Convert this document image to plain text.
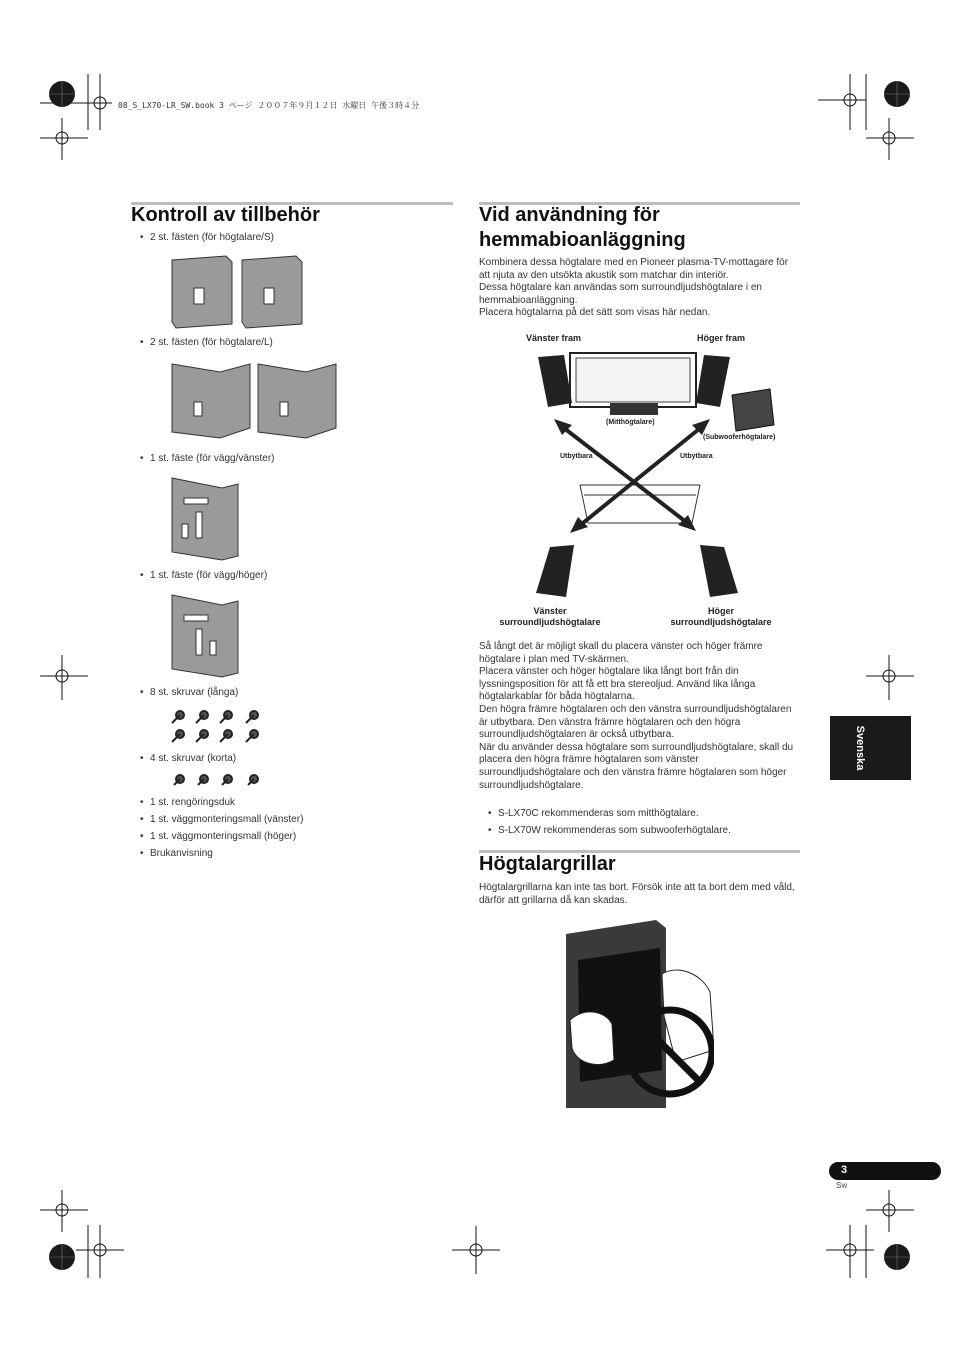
08_S_LX70-LR_SW.book 3 ページ ２００７年９月１２日 水曜日 午後３時４分
Kontroll av tillbehör
• 2 st. fästen (för högtalare/S)
• 2 st. fästen (för högtalare/L)
• 1 st. fäste (för vägg/vänster)
• 1 st. fäste (för vägg/höger)
• 8 st. skruvar (långa)
• 4 st. skruvar (korta)
• 1 st. rengöringsduk
• 1 st. väggmonteringsmall (vänster)
• 1 st. väggmonteringsmall (höger)
• Brukanvisning
Vid användning för
hemmabioanläggning
Kombinera dessa högtalare med en Pioneer plasma-TV-mottagare för att njuta av den utsökta akustik som matchar din interiör.
Dessa högtalare kan användas som surroundljudshögtalare i en hemmabioanläggning.
Placera högtalarna på det sätt som visas här nedan.
Vänster fram	Höger fram
(Mitthögtalare)
(Subwooferhögtalare)
Utbytbara	Utbytbara
Vänster
surroundljudshögtalare
Höger
surroundljudshögtalare
Så långt det är möjligt skall du placera vänster och höger främre högtalare i plan med TV-skärmen.
Placera vänster och höger högtalare lika långt bort från din lyssningsposition för att få ett bra stereoljud. Använd lika långa högtalarkablar för båda högtalarna.
Den högra främre högtalaren och den vänstra surroundljudshögtalaren är utbytbara. Den vänstra främre högtalaren och den högra surroundljudshögtalaren är också utbytbara.
När du använder dessa högtalare som surroundljudshögtalare, skall du placera den högra främre högtalaren som vänster surroundljudshögtalare och den vänstra främre högtalaren som höger surroundljudshögtalare.
• S-LX70C rekommenderas som mitthögtalare.
• S-LX70W rekommenderas som subwooferhögtalare.
Högtalargrillar
Högtalargrillarna kan inte tas bort. Försök inte att ta bort dem med våld, därför att grillarna då kan skadas.
Svenska
3
Sw
